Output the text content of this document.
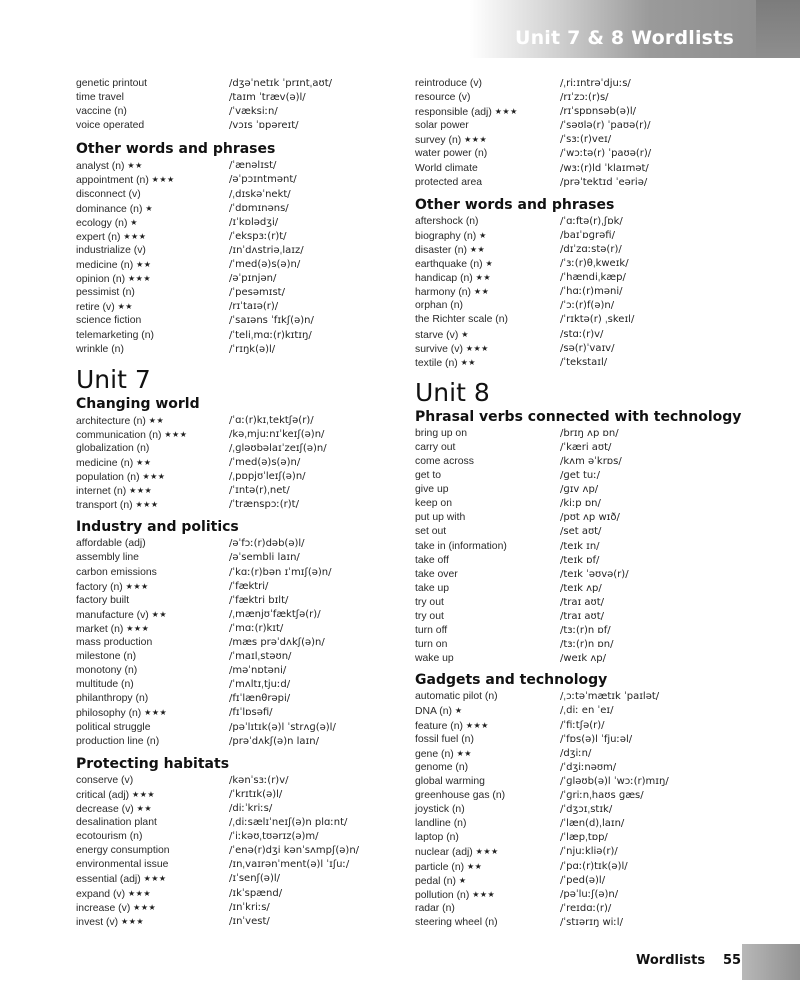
Unit 7 & 8 Wordlists
genetic printout	/dʒəˈnetɪk ˈprɪntˌaʊt/
time travel	/taɪm ˈtræv(ə)l/
vaccine (n)	/ˈvæksiːn/
voice operated	/vɔɪs ˈɒpəreɪt/
Other words and phrases
analyst (n) ★★	/ˈænəlɪst/
appointment (n) ★★★	/əˈpɔɪntmənt/
disconnect (v)	/ˌdɪskəˈnekt/
dominance (n) ★	/ˈdɒmɪnəns/
ecology (n) ★	/ɪˈkɒlədʒi/
expert (n) ★★★	/ˈekspɜː(r)t/
industrialize (v)	/ɪnˈdʌstriəˌlaɪz/
medicine (n) ★★	/ˈmed(ə)s(ə)n/
opinion (n) ★★★	/əˈpɪnjən/
pessimist (n)	/ˈpesəmɪst/
retire (v) ★★	/rɪˈtaɪə(r)/
science fiction	/ˈsaɪəns ˈfɪkʃ(ə)n/
telemarketing (n)	/ˈteliˌmɑː(r)kɪtɪŋ/
wrinkle (n)	/ˈrɪŋk(ə)l/
Unit 7
Changing world
architecture (n) ★★	/ˈɑː(r)kɪˌtektʃə(r)/
communication (n) ★★★	/kəˌmjuːnɪˈkeɪʃ(ə)n/
globalization (n)	/ˌɡləʊbəlaɪˈzeɪʃ(ə)n/
medicine (n) ★★	/ˈmed(ə)s(ə)n/
population (n) ★★★	/ˌpɒpjʊˈleɪʃ(ə)n/
internet (n) ★★★	/ˈɪntə(r)ˌnet/
transport (n) ★★★	/ˈtrænspɔː(r)t/
Industry and politics
affordable (adj)	/əˈfɔː(r)dəb(ə)l/
assembly line	/əˈsembli laɪn/
carbon emissions	/ˈkɑː(r)bən ɪˈmɪʃ(ə)n/
factory (n) ★★★	/ˈfæktri/
factory built	/ˈfæktri bɪlt/
manufacture (v) ★★	/ˌmænjʊˈfæktʃə(r)/
market (n) ★★★	/ˈmɑː(r)kɪt/
mass production	/mæs prəˈdʌkʃ(ə)n/
milestone (n)	/ˈmaɪlˌstəʊn/
monotony (n)	/məˈnɒtəni/
multitude (n)	/ˈmʌltɪˌtjuːd/
philanthropy (n)	/fɪˈlænθrəpi/
philosophy (n) ★★★	/fɪˈlɒsəfi/
political struggle	/pəˈlɪtɪk(ə)l ˈstrʌɡ(ə)l/
production line (n)	/prəˈdʌkʃ(ə)n laɪn/
Protecting habitats
conserve (v)	/kənˈsɜː(r)v/
critical (adj) ★★★	/ˈkrɪtɪk(ə)l/
decrease (v) ★★	/diːˈkriːs/
desalination plant	/ˌdiːsælɪˈneɪʃ(ə)n plɑːnt/
ecotourism (n)	/ˈiːkəʊˌtʊərɪz(ə)m/
energy consumption	/ˈenə(r)dʒi kənˈsʌmpʃ(ə)n/
environmental issue	/ɪnˌvaɪrənˈment(ə)l ˈɪʃuː/
essential (adj) ★★★	/ɪˈsenʃ(ə)l/
expand (v) ★★★	/ɪkˈspænd/
increase (v) ★★★	/ɪnˈkriːs/
invest (v) ★★★	/ɪnˈvest/
reintroduce (v)	/ˌriːɪntrəˈdjuːs/
resource (v)	/rɪˈzɔː(r)s/
responsible (adj) ★★★	/rɪˈspɒnsəb(ə)l/
solar power	/ˈsəʊlə(r) ˈpaʊə(r)/
survey (n) ★★★	/ˈsɜː(r)veɪ/
water power (n)	/ˈwɔːtə(r) ˈpaʊə(r)/
World climate	/wɜː(r)ld ˈklaɪmət/
protected area	/prəˈtektɪd ˈeəriə/
Other words and phrases
aftershock (n)	/ˈɑːftə(r)ˌʃɒk/
biography (n) ★	/baɪˈɒɡrəfi/
disaster (n) ★★	/dɪˈzɑːstə(r)/
earthquake (n) ★	/ˈɜː(r)θˌkweɪk/
handicap (n) ★★	/ˈhændiˌkæp/
harmony (n) ★★	/ˈhɑː(r)məni/
orphan (n)	/ˈɔː(r)f(ə)n/
the Richter scale (n)	/ˈrɪktə(r) ˌskeɪl/
starve (v) ★	/stɑː(r)v/
survive (v) ★★★	/sə(r)ˈvaɪv/
textile (n) ★★	/ˈtekstaɪl/
Unit 8
Phrasal verbs connected with technology
bring up on	/brɪŋ ʌp ɒn/
carry out	/ˈkæri aʊt/
come across	/kʌm əˈkrɒs/
get to	/ɡet tuː/
give up	/ɡɪv ʌp/
keep on	/kiːp ɒn/
put up with	/pʊt ʌp wɪð/
set out	/set aʊt/
take in (information)	/teɪk ɪn/
take off	/teɪk ɒf/
take over	/teɪk ˈəʊvə(r)/
take up	/teɪk ʌp/
try out	/traɪ aʊt/
try out	/traɪ aʊt/
turn off	/tɜː(r)n ɒf/
turn on	/tɜː(r)n ɒn/
wake up	/weɪk ʌp/
Gadgets and technology
automatic pilot (n)	/ˌɔːtəˈmætɪk ˈpaɪlət/
DNA (n) ★	/ˌdiː en ˈeɪ/
feature (n) ★★★	/ˈfiːtʃə(r)/
fossil fuel (n)	/ˈfɒs(ə)l ˈfjuːəl/
gene (n) ★★	/dʒiːn/
genome (n)	/ˈdʒiːnəʊm/
global warming	/ˈɡləʊb(ə)l ˈwɔː(r)mɪŋ/
greenhouse gas (n)	/ˈɡriːnˌhaʊs ɡæs/
joystick (n)	/ˈdʒɔɪˌstɪk/
landline (n)	/ˈlæn(d)ˌlaɪn/
laptop (n)	/ˈlæpˌtɒp/
nuclear (adj) ★★★	/ˈnjuːkliə(r)/
particle (n) ★★	/ˈpɑː(r)tɪk(ə)l/
pedal (n) ★	/ˈped(ə)l/
pollution (n) ★★★	/pəˈluːʃ(ə)n/
radar (n)	/ˈreɪdɑː(r)/
steering wheel (n)	/ˈstɪərɪŋ wiːl/
Wordlists 55
